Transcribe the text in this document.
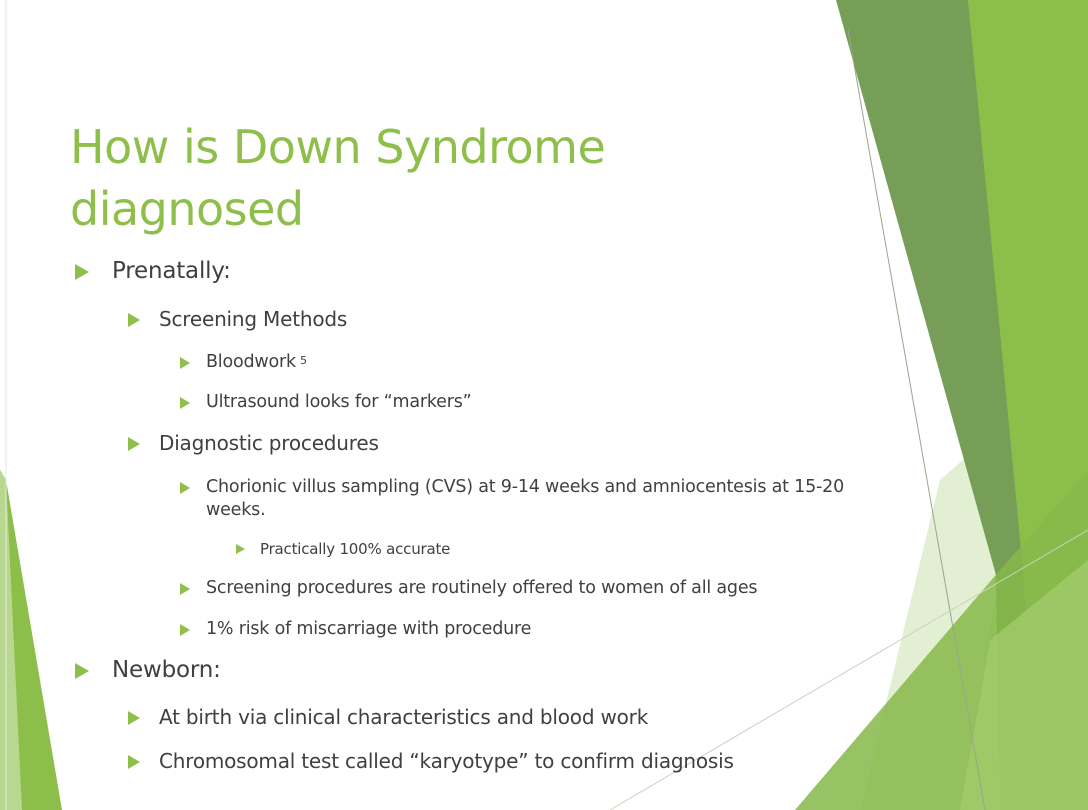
How is Down Syndrome diagnosed
Prenatally:
Screening Methods
Bloodwork $^5$
Ultrasound looks for “markers”
Diagnostic procedures
Chorionic villus sampling (CVS) at 9-14 weeks and amniocentesis at 15-20 weeks.
Practically 100% accurate
Screening procedures are routinely offered to women of all ages
1% risk of miscarriage with procedure
Newborn:
At birth via clinical characteristics and blood work
Chromosomal test called “karyotype” to confirm diagnosis
